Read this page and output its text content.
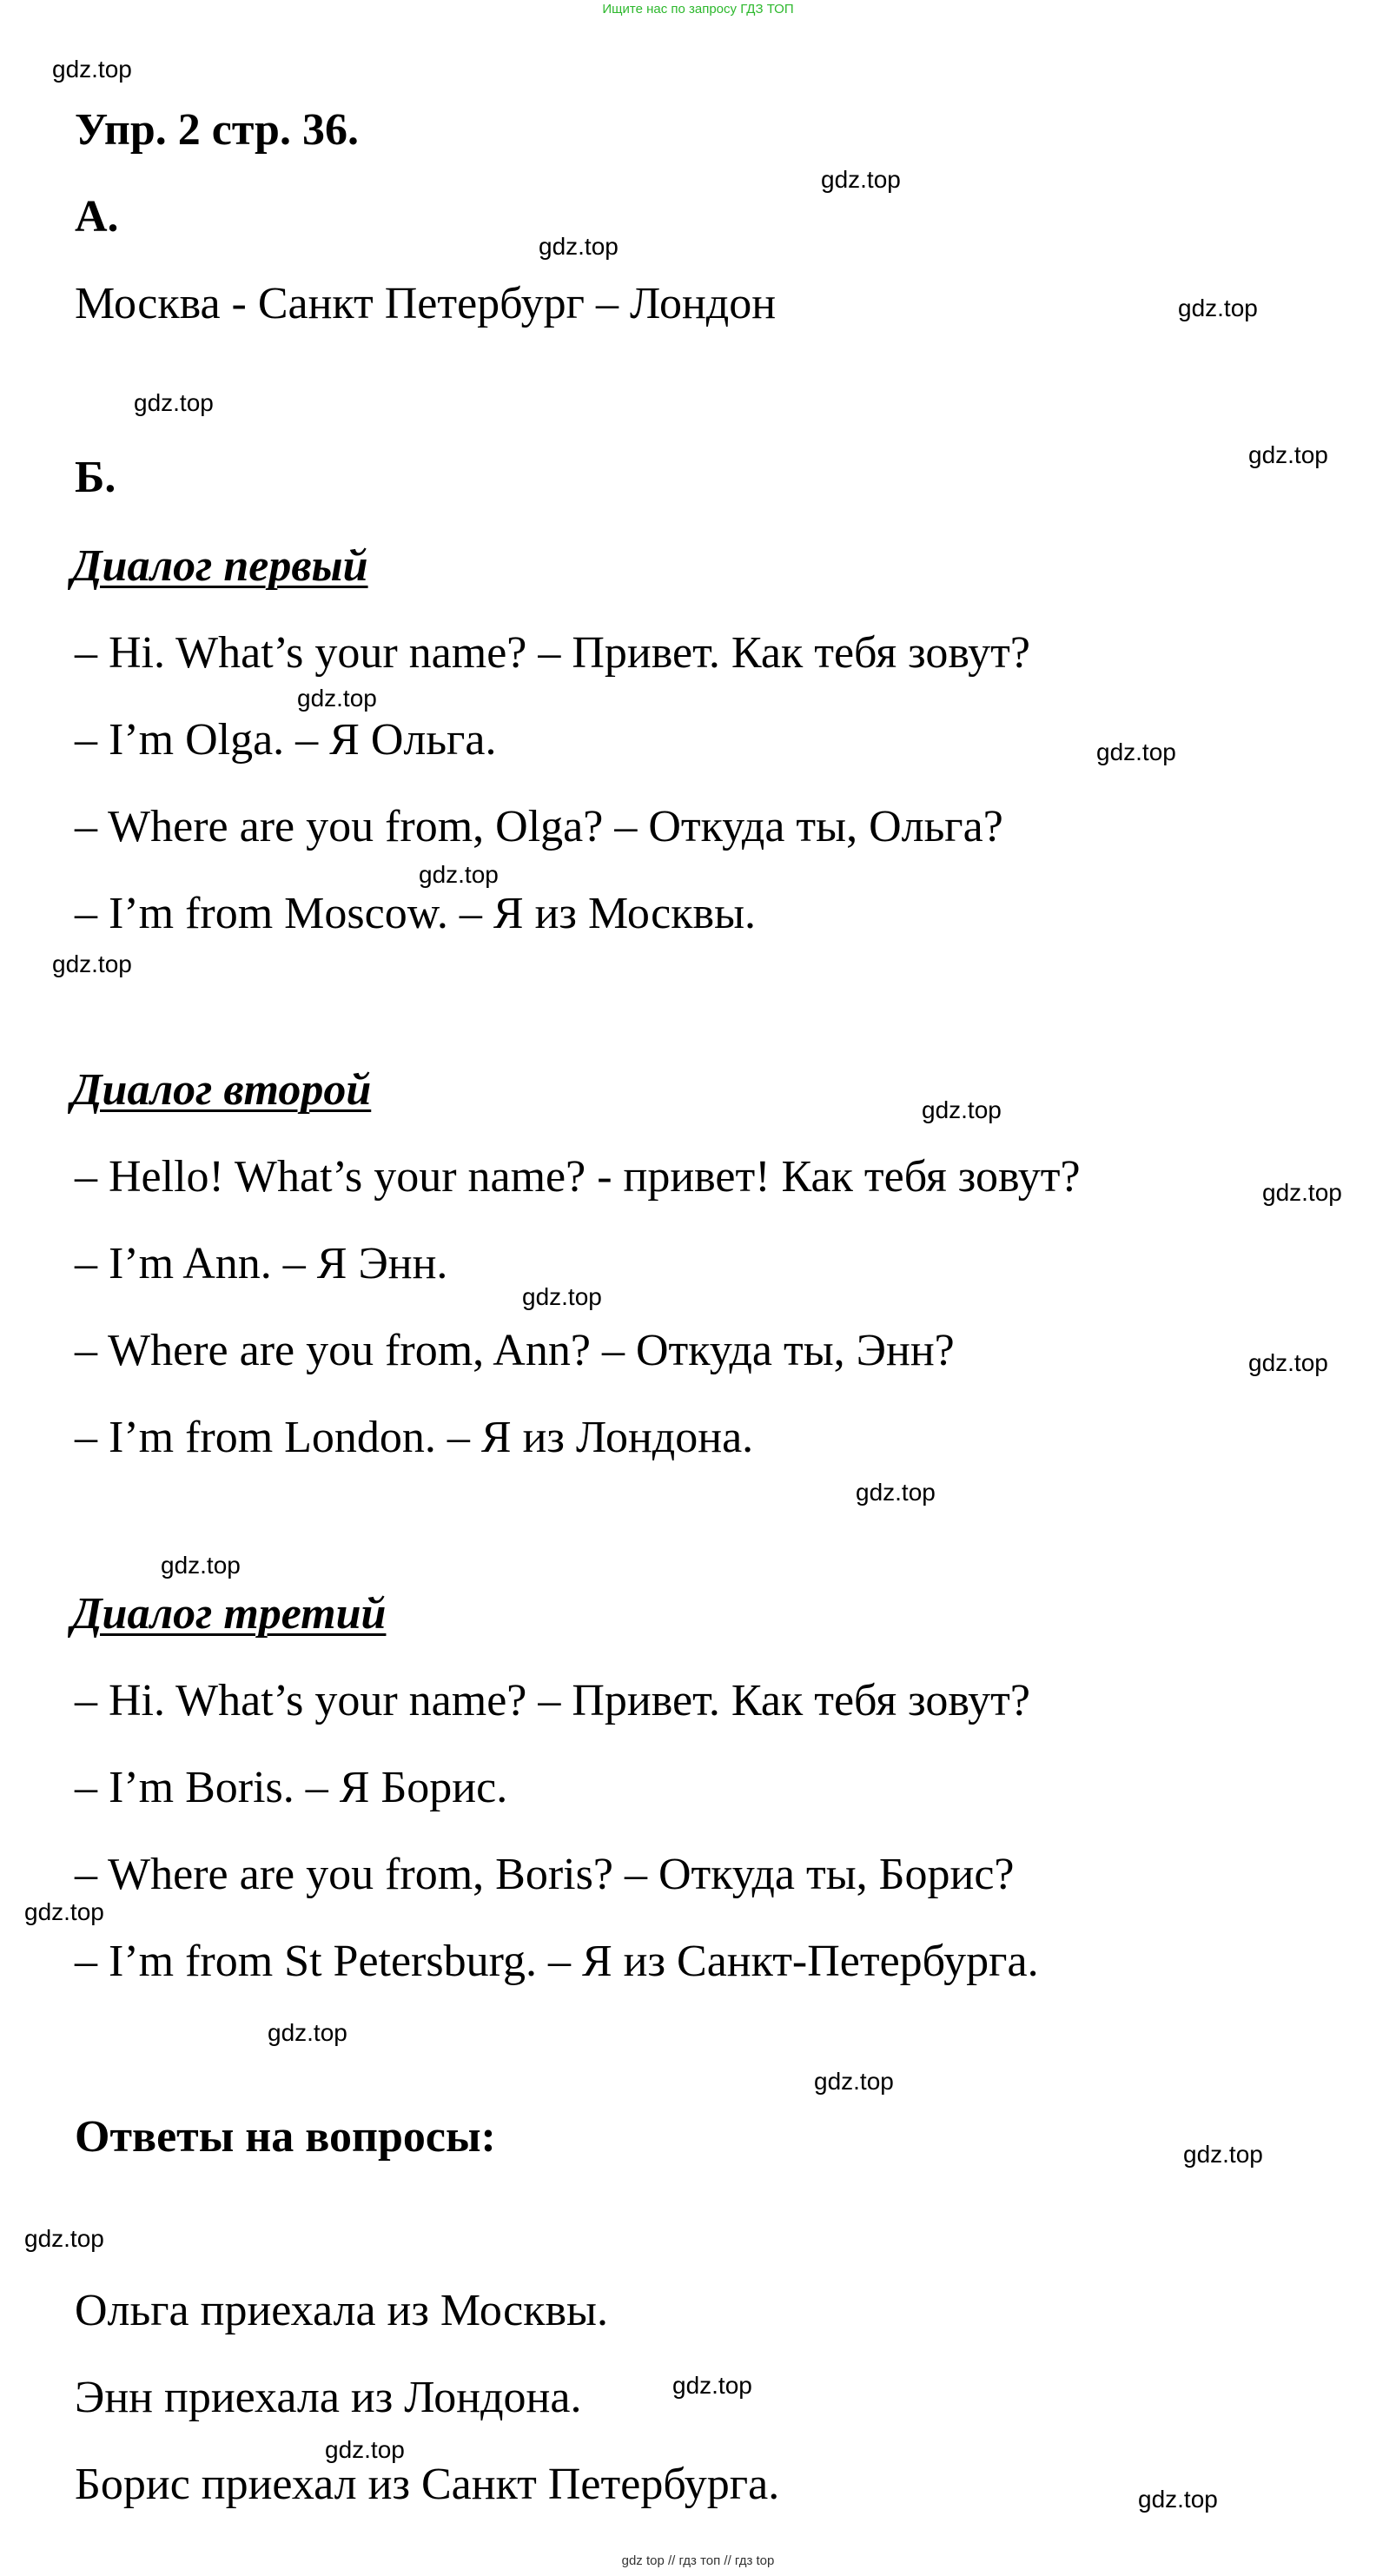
Ищите нас по запросу ГДЗ ТОП
gdz top // гдз топ // гдз top
gdz.top
gdz.top
gdz.top
gdz.top
gdz.top
gdz.top
gdz.top
gdz.top
gdz.top
gdz.top
gdz.top
gdz.top
gdz.top
gdz.top
gdz.top
gdz.top
gdz.top
gdz.top
gdz.top
gdz.top
gdz.top
gdz.top
gdz.top
gdz.top
Упр. 2 стр. 36.
А.
Москва - Санкт Петербург – Лондон
Б.
Диалог первый
– Hi. What’s your name? – Привет. Как тебя зовут?
– I’m Olga. – Я Ольга.
– Where are you from, Olga? – Откуда ты, Ольга?
– I’m from Moscow. – Я из Москвы.
Диалог второй
– Hello! What’s your name? - привет! Как тебя зовут?
– I’m Ann. – Я Энн.
– Where are you from, Ann? – Откуда ты, Энн?
– I’m from London. – Я из Лондона.
Диалог третий
– Hi. What’s your name? – Привет. Как тебя зовут?
– I’m Boris. – Я Борис.
– Where are you from, Boris? – Откуда ты, Борис?
– I’m from St Petersburg. – Я из Санкт-Петербурга.
Ответы на вопросы:
Ольга приехала из Москвы.
Энн приехала из Лондона.
Борис приехал из Санкт Петербурга.
